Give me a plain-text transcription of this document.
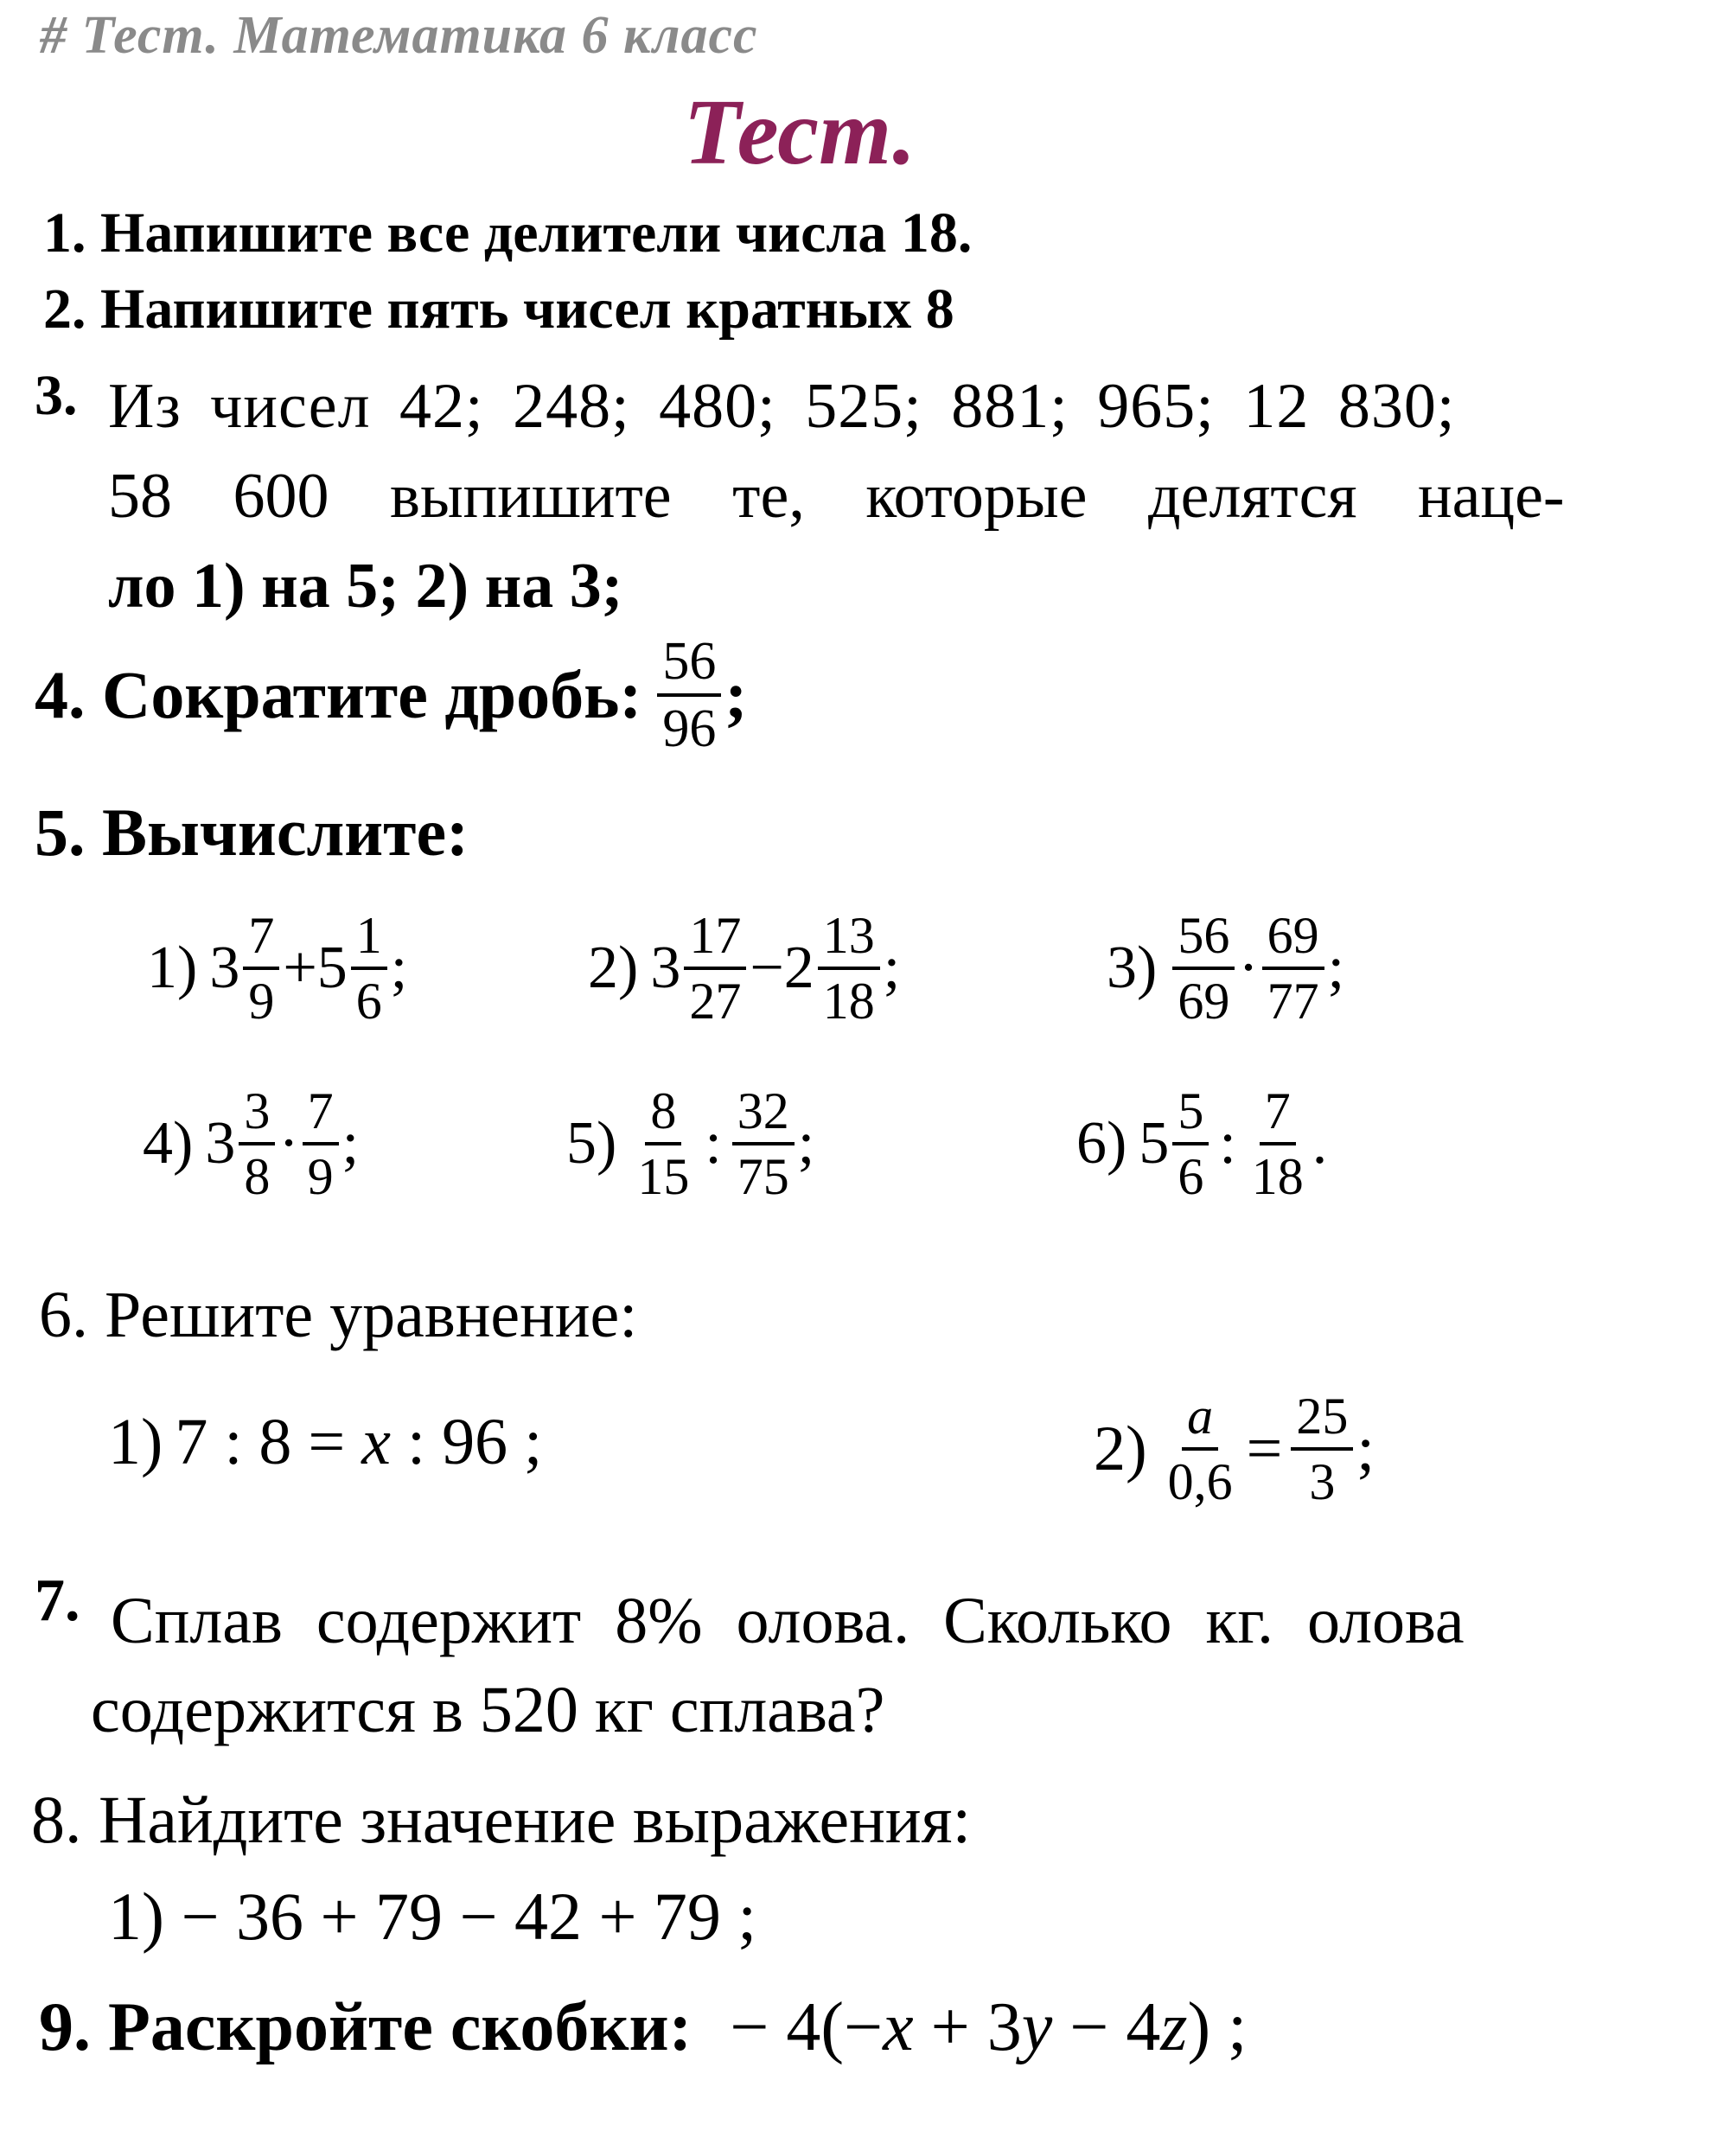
# Тест. Математика 6 класс
Тест.
1. Напишите все делители числа 18.
2. Напишите пять чисел кратных 8
3. Из чисел 42; 248; 480; 525; 881; 965; 12 830;
58 600 выпишите те, которые делятся наце-
ло 1) на 5; 2) на 3;
4. Сократите дробь: $\frac{56}{96}$ ;
5. Вычислите:
1) $3 \frac{7}{9} + 5 \frac{1}{6}$ ;	2) $3 \frac{17}{27} - 2 \frac{13}{18}$ ;	$3) \frac{56}{69} \cdot \frac{69}{77}$ ;
4) $3 \frac{3}{8} \cdot \frac{7}{9}$ ;	$5) \frac{8}{15}$ : $\frac{32}{75}$ ;	6) $5 \frac{5}{6}$ : $\frac{7}{18}$ .
6. Решите уравнение:
1) 7 : 8 = x : 96 ;	$2) \frac{a}{0,6} = \frac{25}{3}$ ;
7. Сплав содержит 8% олова. Сколько кг. олова
содержится в 520 кг сплава?
8. Найдите значение выражения:
1) − 36 + 79 − 42 + 79 ;
9. Раскройте скобки: − 4(− x + 3 y − 4 z ) ;
